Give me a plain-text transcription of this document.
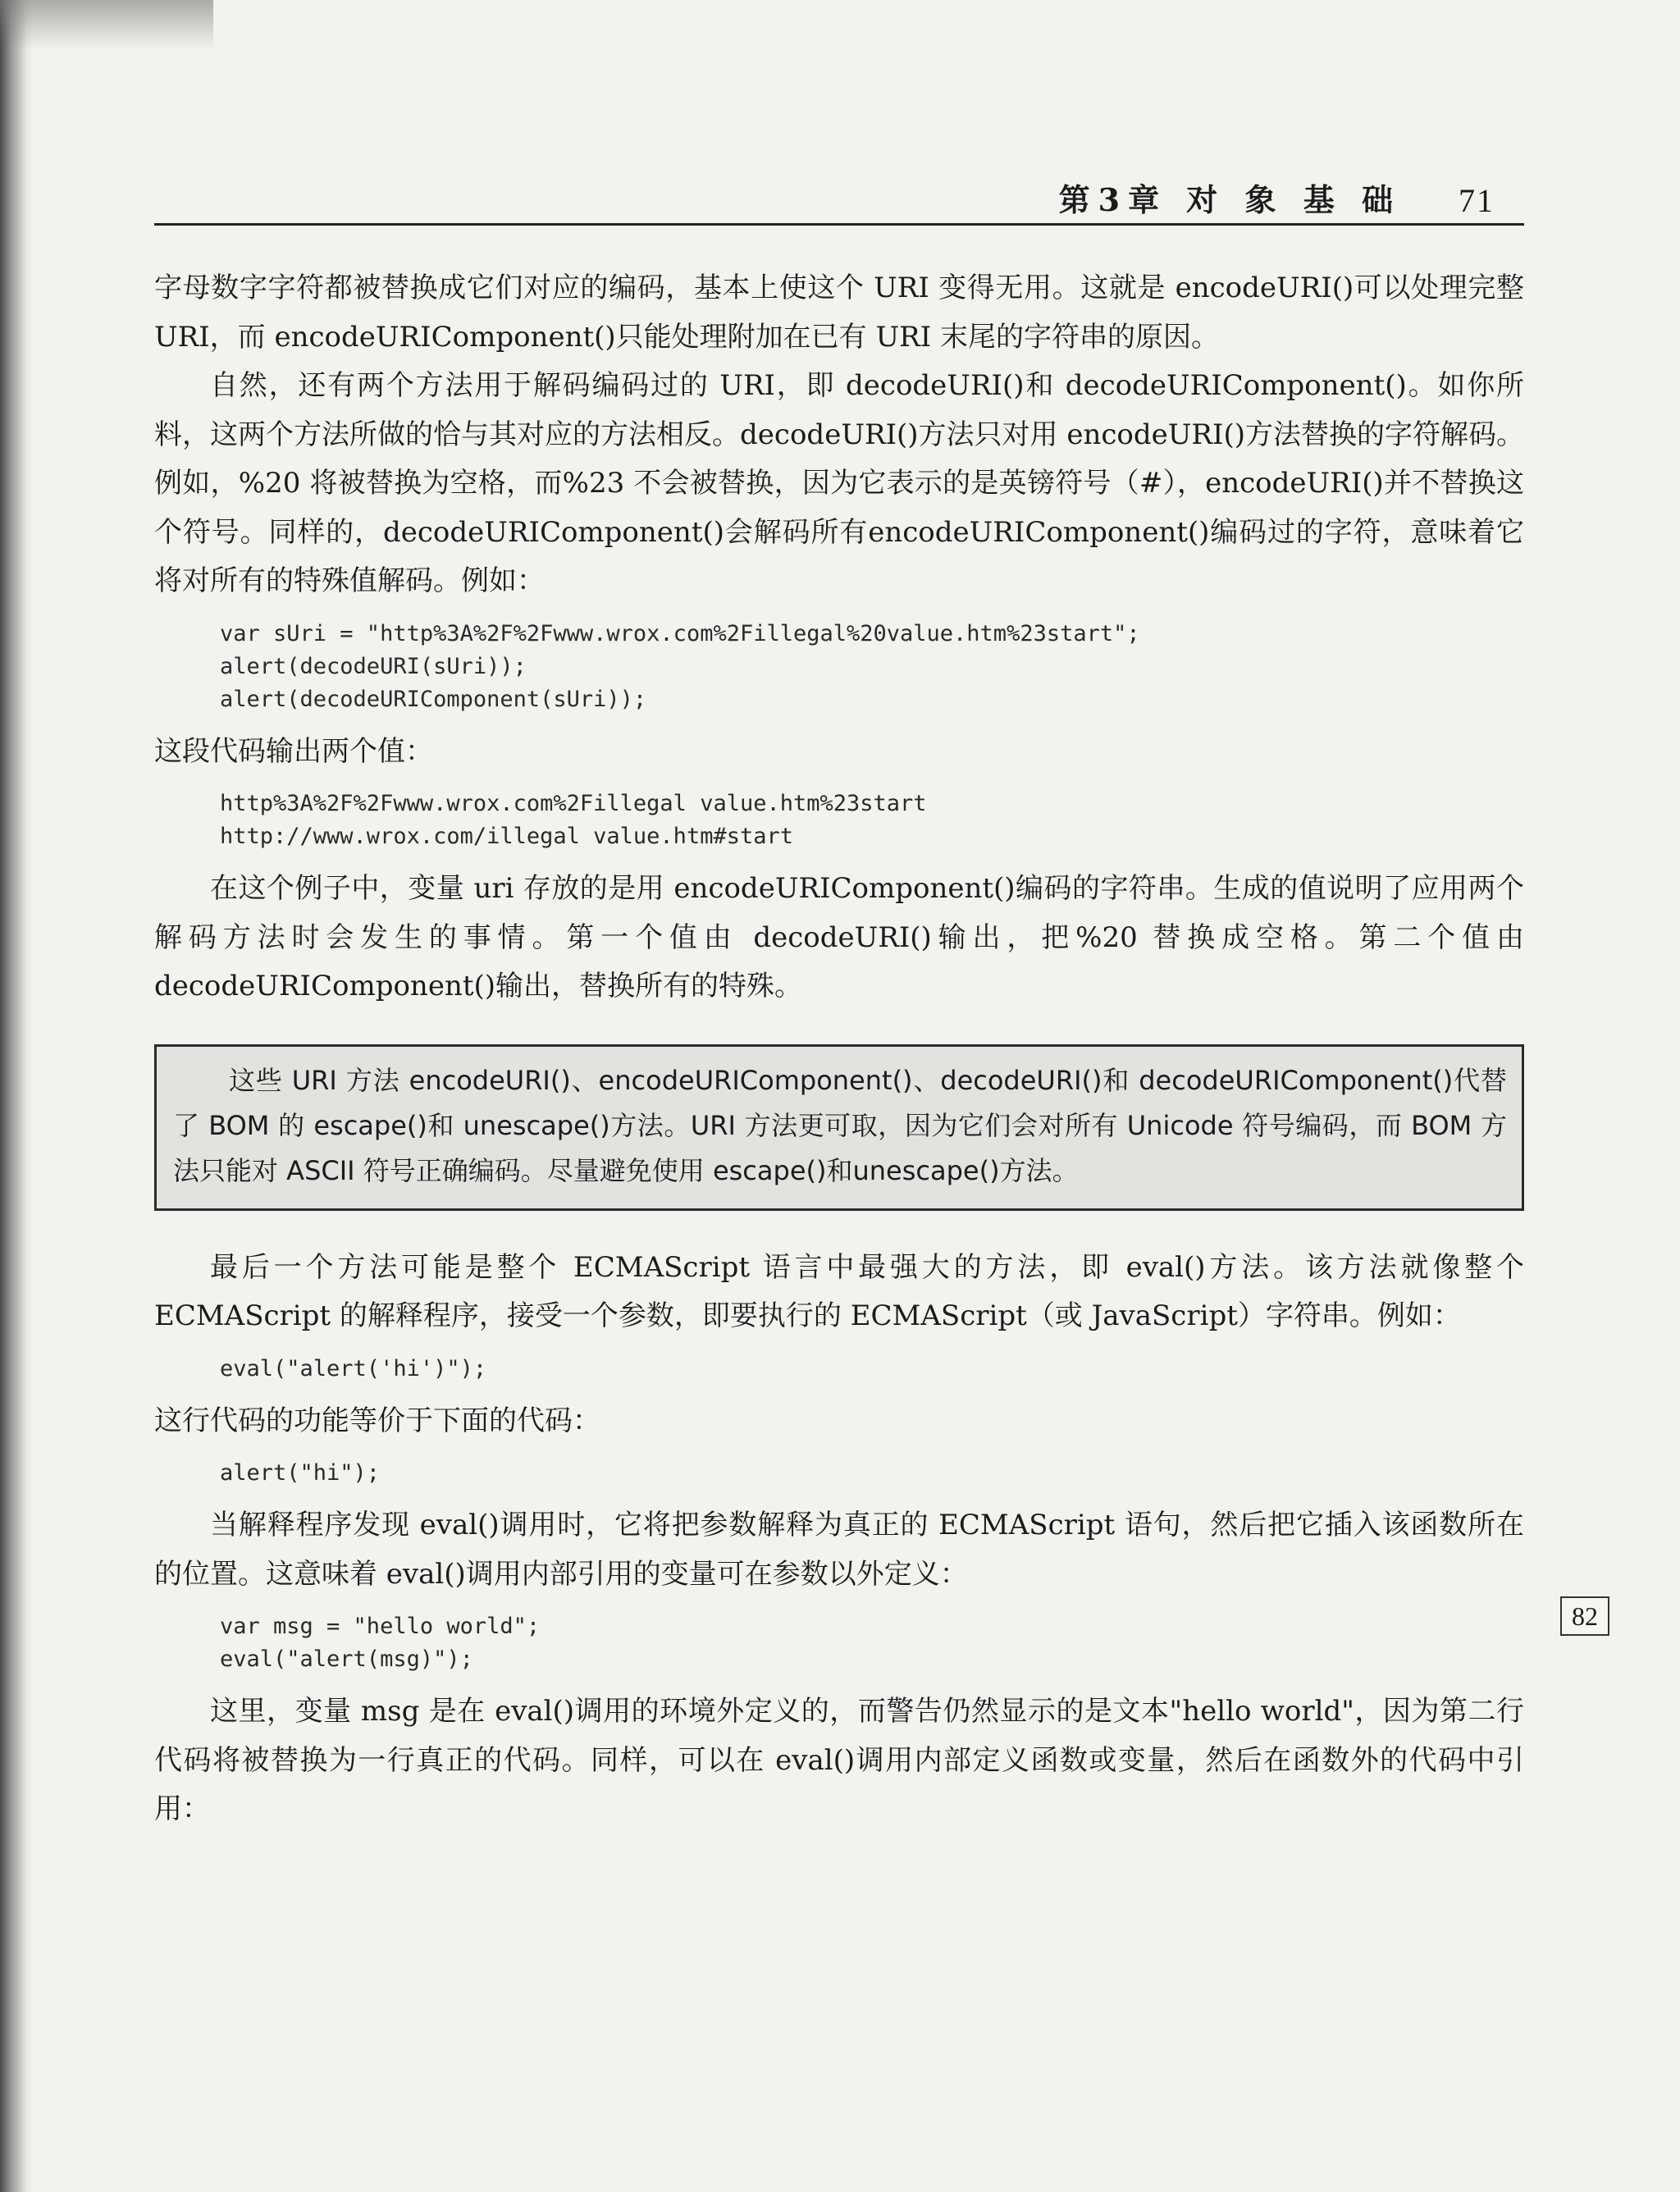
第3章 对 象 基 础 71

字母数字字符都被替换成它们对应的编码，基本上使这个 URI 变得无用。这就是 encodeURI()可以处理完整 URI，而 encodeURIComponent()只能处理附加在已有 URI 末尾的字符串的原因。

自然，还有两个方法用于解码编码过的 URI，即 decodeURI()和 decodeURIComponent()。如你所料，这两个方法所做的恰与其对应的方法相反。decodeURI()方法只对用 encodeURI()方法替换的字符解码。例如，%20 将被替换为空格，而%23 不会被替换，因为它表示的是英镑符号（#），encodeURI()并不替换这个符号。同样的，decodeURIComponent()会解码所有encodeURIComponent()编码过的字符，意味着它将对所有的特殊值解码。例如：

var sUri = "http%3A%2F%2Fwww.wrox.com%2Fillegal%20value.htm%23start";
alert(decodeURI(sUri));
alert(decodeURIComponent(sUri));

这段代码输出两个值：

http%3A%2F%2Fwww.wrox.com%2Fillegal value.htm%23start
http://www.wrox.com/illegal value.htm#start

在这个例子中，变量 uri 存放的是用 encodeURIComponent()编码的字符串。生成的值说明了应用两个解码方法时会发生的事情。第一个值由 decodeURI()输出，把%20 替换成空格。第二个值由 decodeURIComponent()输出，替换所有的特殊。

这些 URI 方法 encodeURI()、encodeURIComponent()、decodeURI()和 decodeURIComponent()代替了 BOM 的 escape()和 unescape()方法。URI 方法更可取，因为它们会对所有 Unicode 符号编码，而 BOM 方法只能对 ASCII 符号正确编码。尽量避免使用 escape()和unescape()方法。

最后一个方法可能是整个 ECMAScript 语言中最强大的方法，即 eval()方法。该方法就像整个 ECMAScript 的解释程序，接受一个参数，即要执行的 ECMAScript（或 JavaScript）字符串。例如：

eval("alert('hi')");

这行代码的功能等价于下面的代码：

alert("hi");

当解释程序发现 eval()调用时，它将把参数解释为真正的 ECMAScript 语句，然后把它插入该函数所在的位置。这意味着 eval()调用内部引用的变量可在参数以外定义：

var msg = "hello world";
eval("alert(msg)");

这里，变量 msg 是在 eval()调用的环境外定义的，而警告仍然显示的是文本"hello world"，因为第二行代码将被替换为一行真正的代码。同样，可以在 eval()调用内部定义函数或变量，然后在函数外的代码中引用：

82
